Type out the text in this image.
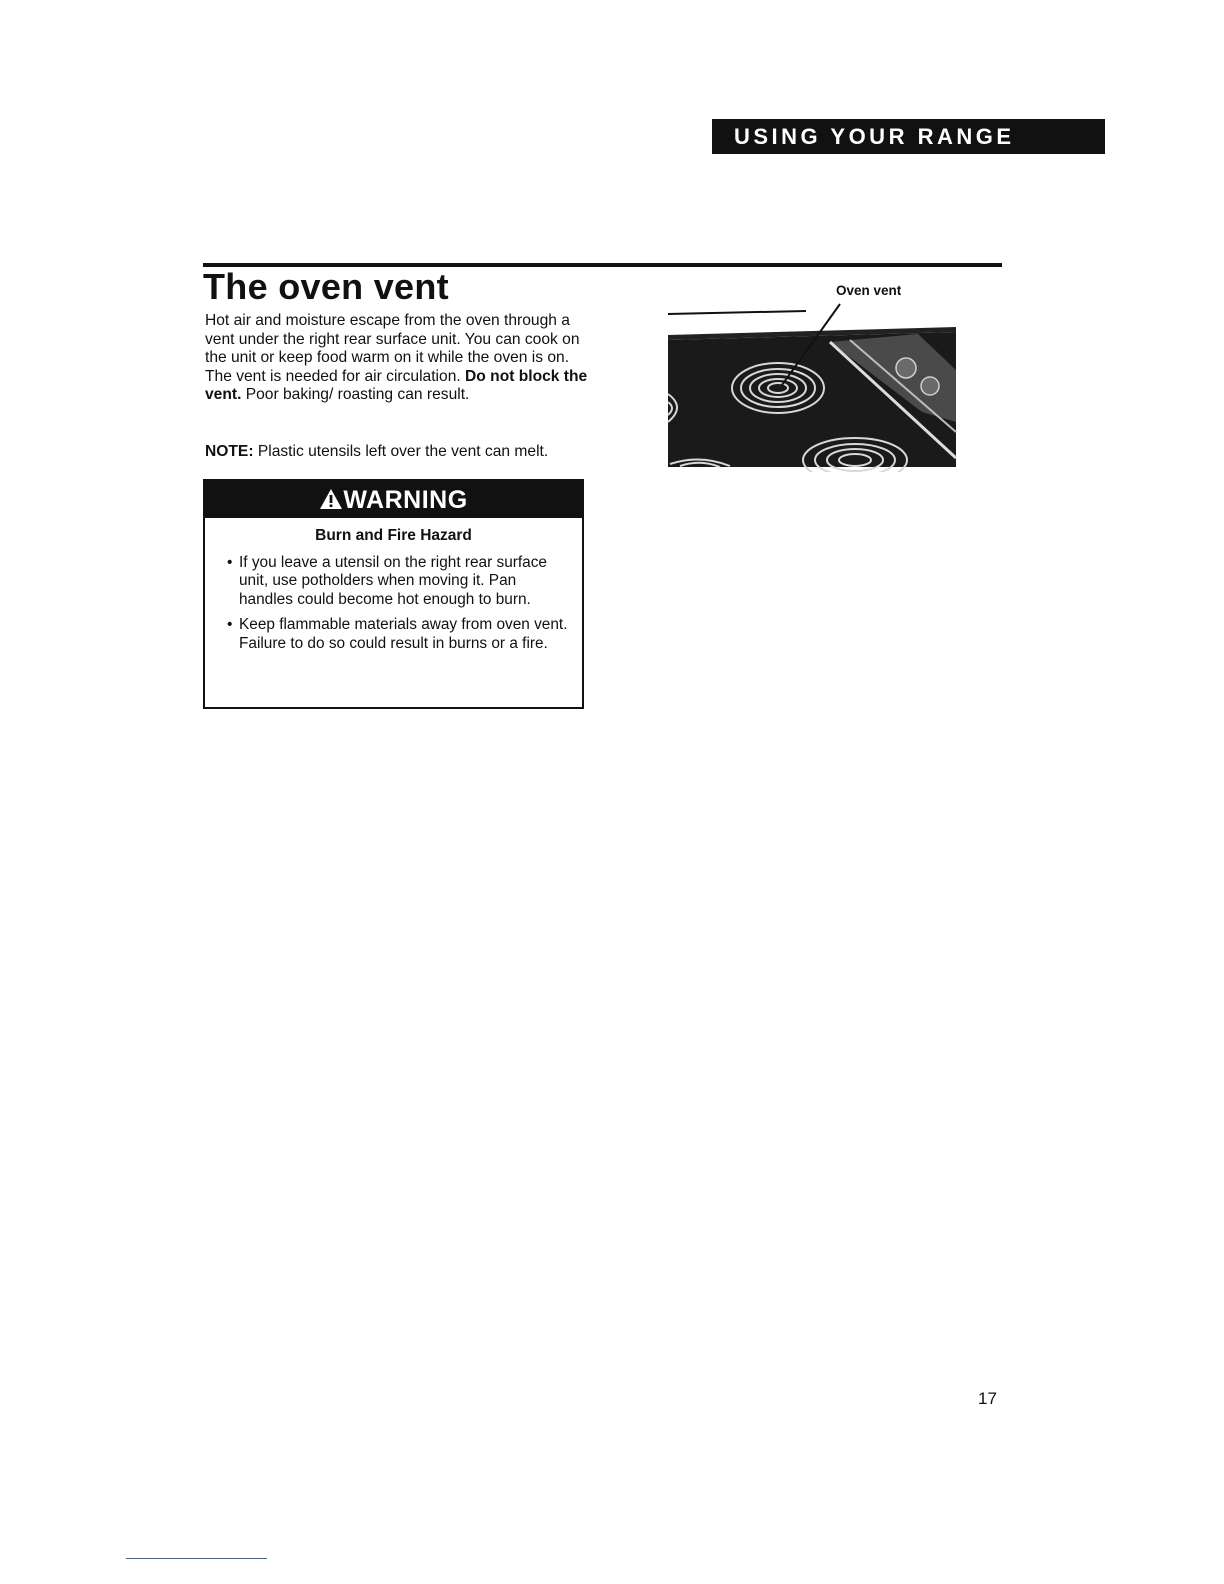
USING YOUR RANGE
The oven vent

Hot air and moisture escape from the oven through a vent under the right rear surface unit. You can cook on the unit or keep food warm on it while the oven is on. The vent is needed for air circulation. Do not block the vent. Poor baking/ roasting can result.

NOTE: Plastic utensils left over the vent can melt.
WARNING
Burn and Fire Hazard
• If you leave a utensil on the right rear surface unit, use potholders when moving it. Pan handles could become hot enough to burn.
• Keep flammable materials away from oven vent. Failure to do so could result in burns or a fire.
Oven vent
17
